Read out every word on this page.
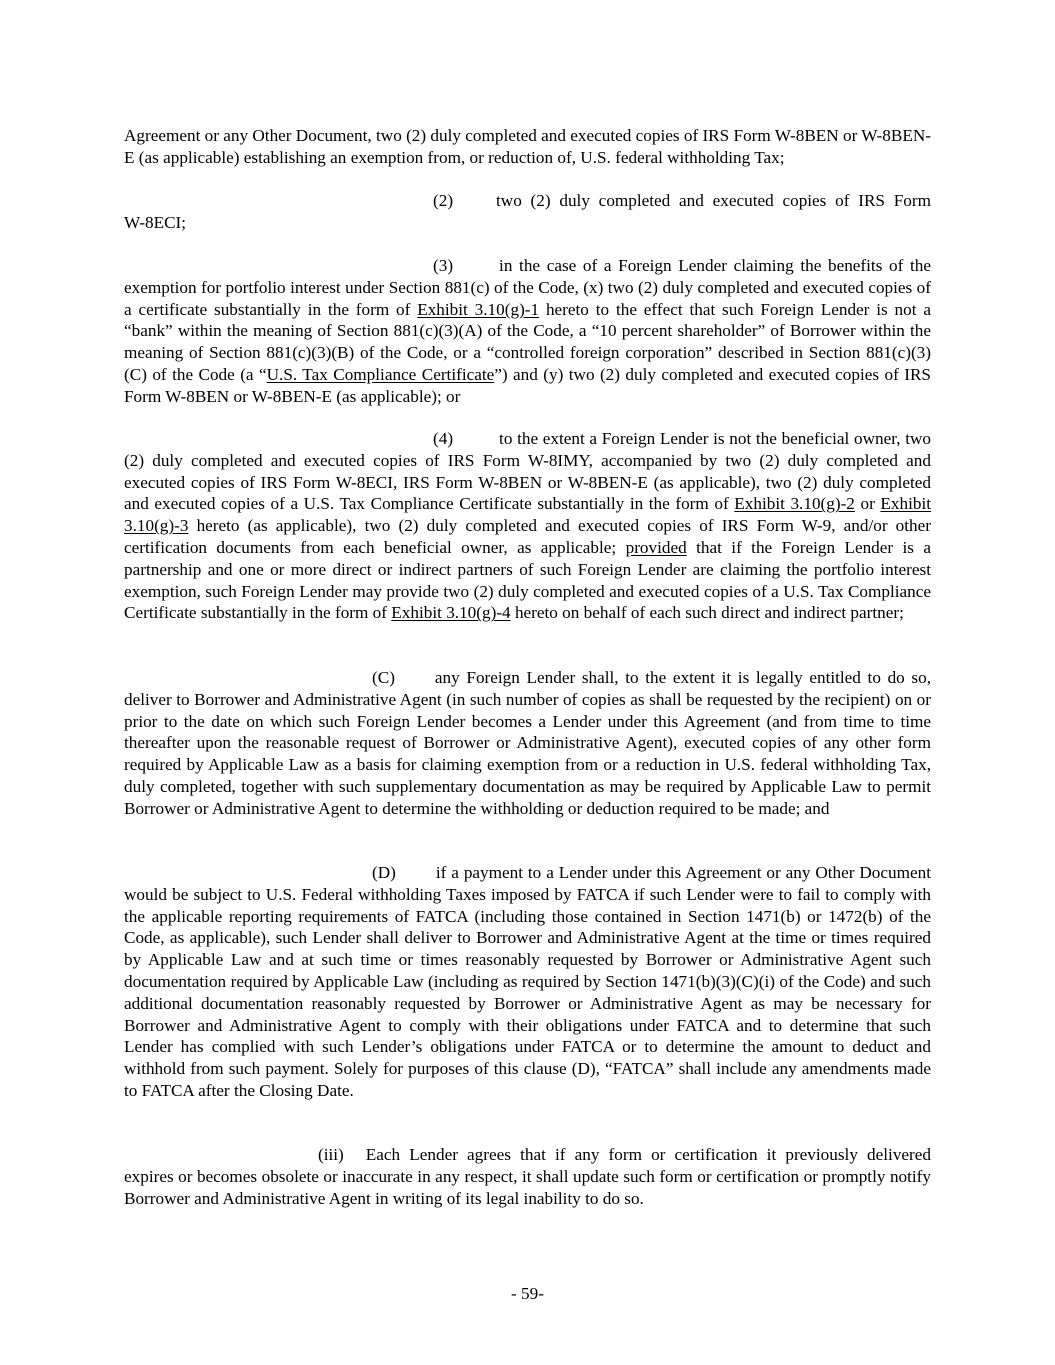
Agreement or any Other Document, two (2) duly completed and executed copies of IRS Form W-8BEN or W-8BEN-E (as applicable) establishing an exemption from, or reduction of, U.S. federal withholding Tax;

(2) two (2) duly completed and executed copies of IRS Form
W-8ECI;

(3)	in the case of a Foreign Lender claiming the benefits of the exemption for portfolio interest under Section 881(c) of the Code, (x) two (2) duly completed and executed copies of a certificate substantially in the form of Exhibit 3.10(g)-1 hereto to the effect that such Foreign Lender is not a “bank” within the meaning of Section 881(c)(3)(A) of the Code, a “10 percent shareholder” of Borrower within the meaning of Section 881(c)(3)(B) of the Code, or a “controlled foreign corporation” described in Section 881(c)(3)(C) of the Code (a “U.S. Tax Compliance Certificate”) and (y) two (2) duly completed and executed copies of IRS Form W-8BEN or W-8BEN-E (as applicable); or

(4)	to the extent a Foreign Lender is not the beneficial owner, two (2) duly completed and executed copies of IRS Form W-8IMY, accompanied by two (2) duly completed and executed copies of IRS Form W-8ECI, IRS Form W-8BEN or W-8BEN-E (as applicable), two (2) duly completed and executed copies of a U.S. Tax Compliance Certificate substantially in the form of Exhibit 3.10(g)-2 or Exhibit 3.10(g)-3 hereto (as applicable), two (2) duly completed and executed copies of IRS Form W-9, and/or other certification documents from each beneficial owner, as applicable; provided that if the Foreign Lender is a partnership and one or more direct or indirect partners of such Foreign Lender are claiming the portfolio interest exemption, such Foreign Lender may provide two (2) duly completed and executed copies of a U.S. Tax Compliance Certificate substantially in the form of Exhibit 3.10(g)-4 hereto on behalf of each such direct and indirect partner;

(C) any Foreign Lender shall, to the extent it is legally entitled to do so, deliver to Borrower and Administrative Agent (in such number of copies as shall be requested by the recipient) on or prior to the date on which such Foreign Lender becomes a Lender under this Agreement (and from time to time thereafter upon the reasonable request of Borrower or Administrative Agent), executed copies of any other form required by Applicable Law as a basis for claiming exemption from or a reduction in U.S. federal withholding Tax, duly completed, together with such supplementary documentation as may be required by Applicable Law to permit Borrower or Administrative Agent to determine the withholding or deduction required to be made; and

(D) if a payment to a Lender under this Agreement or any Other Document would be subject to U.S. Federal withholding Taxes imposed by FATCA if such Lender were to fail to comply with the applicable reporting requirements of FATCA (including those contained in Section 1471(b) or 1472(b) of the Code, as applicable), such Lender shall deliver to Borrower and Administrative Agent at the time or times required by Applicable Law and at such time or times reasonably requested by Borrower or Administrative Agent such documentation required by Applicable Law (including as required by Section 1471(b)(3)(C)(i) of the Code) and such additional documentation reasonably requested by Borrower or Administrative Agent as may be necessary for Borrower and Administrative Agent to comply with their obligations under FATCA and to determine that such Lender has complied with such Lender’s obligations under FATCA or to determine the amount to deduct and withhold from such payment. Solely for purposes of this clause (D), “FATCA” shall include any amendments made to FATCA after the Closing Date.

(iii) Each Lender agrees that if any form or certification it previously delivered expires or becomes obsolete or inaccurate in any respect, it shall update such form or certification or promptly notify Borrower and Administrative Agent in writing of its legal inability to do so.

- 59-
